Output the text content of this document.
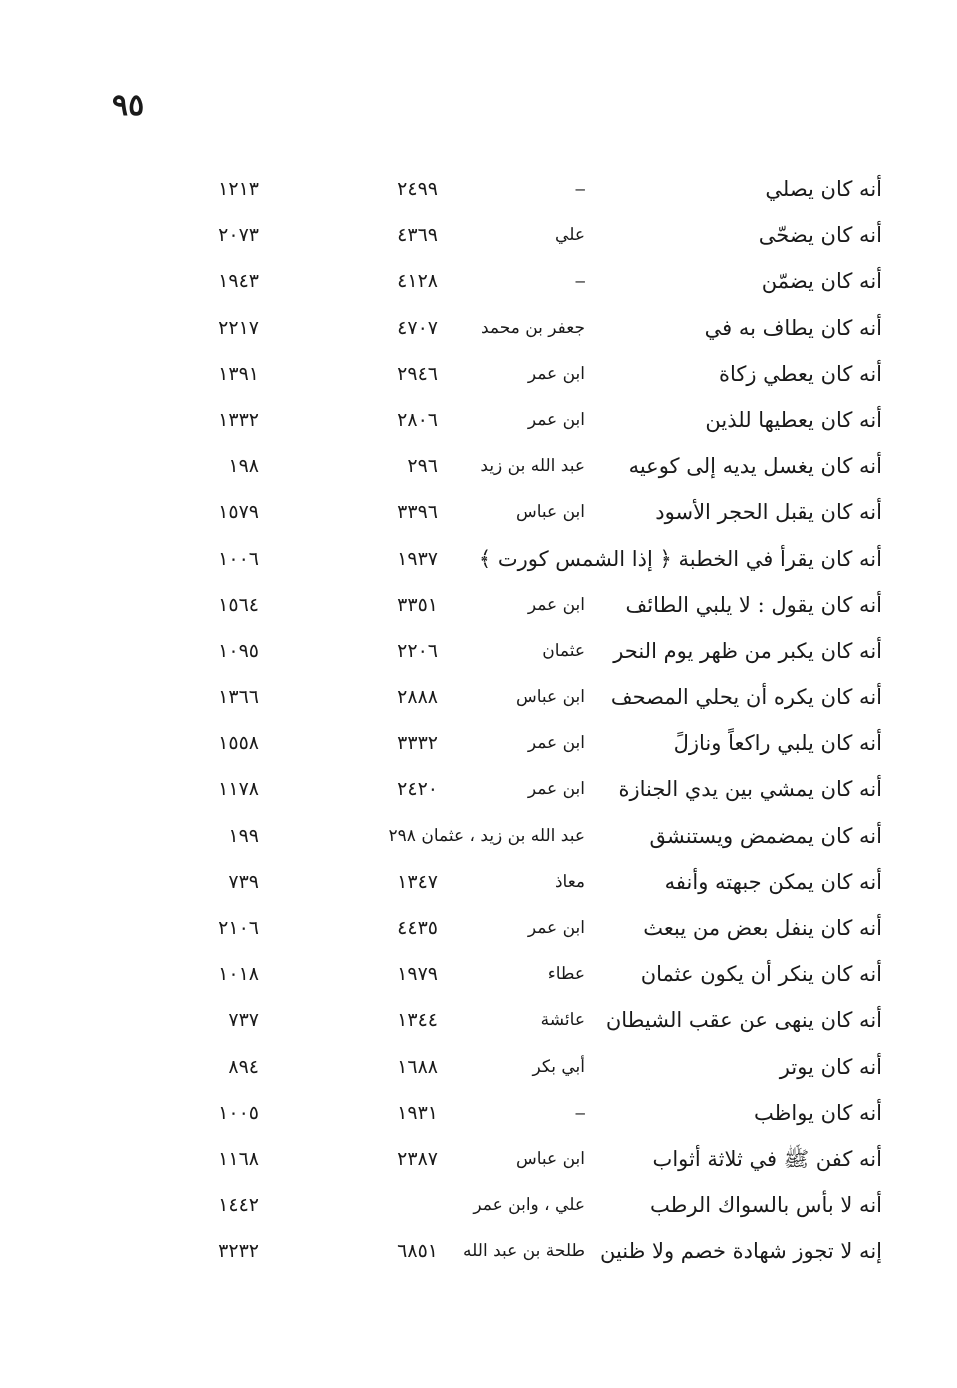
٩٥
أنه كان يصلي
–
٢٤٩٩
١٢١٣
أنه كان يضحّى
علي
٤٣٦٩
٢٠٧٣
أنه كان يضمّن
–
٤١٢٨
١٩٤٣
أنه كان يطاف به في
جعفر بن محمد
٤٧٠٧
٢٢١٧
أنه كان يعطي زكاة
ابن عمر
٢٩٤٦
١٣٩١
أنه كان يعطيها للذين
ابن عمر
٢٨٠٦
١٣٣٢
أنه كان يغسل يديه إلى كوعيه
عبد الله بن زيد
٢٩٦
١٩٨
أنه كان يقبل الحجر الأسود
ابن عباس
٣٣٩٦
١٥٧٩
أنه كان يقرأ في الخطبة ﴿ إذا الشمس كورت ﴾
١٩٣٧
١٠٠٦
أنه كان يقول : لا يلبي الطائف
ابن عمر
٣٣٥١
١٥٦٤
أنه كان يكبر من ظهر يوم النحر
عثمان
٢٢٠٦
١٠٩٥
أنه كان يكره أن يحلي المصحف
ابن عباس
٢٨٨٨
١٣٦٦
أنه كان يلبي راكعاً ونازلً
ابن عمر
٣٣٣٢
١٥٥٨
أنه كان يمشي بين يدي الجنازة
ابن عمر
٢٤٢٠
١١٧٨
أنه كان يمضمض ويستنشق
عبد الله بن زيد ، عثمان ٢٩٨
١٩٩
أنه كان يمكن جبهته وأنفه
معاذ
١٣٤٧
٧٣٩
أنه كان ينفل بعض من يبعث
ابن عمر
٤٤٣٥
٢١٠٦
أنه كان ينكر أن يكون عثمان
عطاء
١٩٧٩
١٠١٨
أنه كان ينهى عن عقب الشيطان
عائشة
١٣٤٤
٧٣٧
أنه كان يوتر
أبي بكر
١٦٨٨
٨٩٤
أنه كان يواظب
–
١٩٣١
١٠٠٥
أنه كفن ﷺ في ثلاثة أثواب
ابن عباس
٢٣٨٧
١١٦٨
أنه لا بأس بالسواك الرطب
علي ، وابن عمر
١٤٤٢
إنه لا تجوز شهادة خصم ولا ظنين
طلحة بن عبد الله
٦٨٥١
٣٢٣٢
